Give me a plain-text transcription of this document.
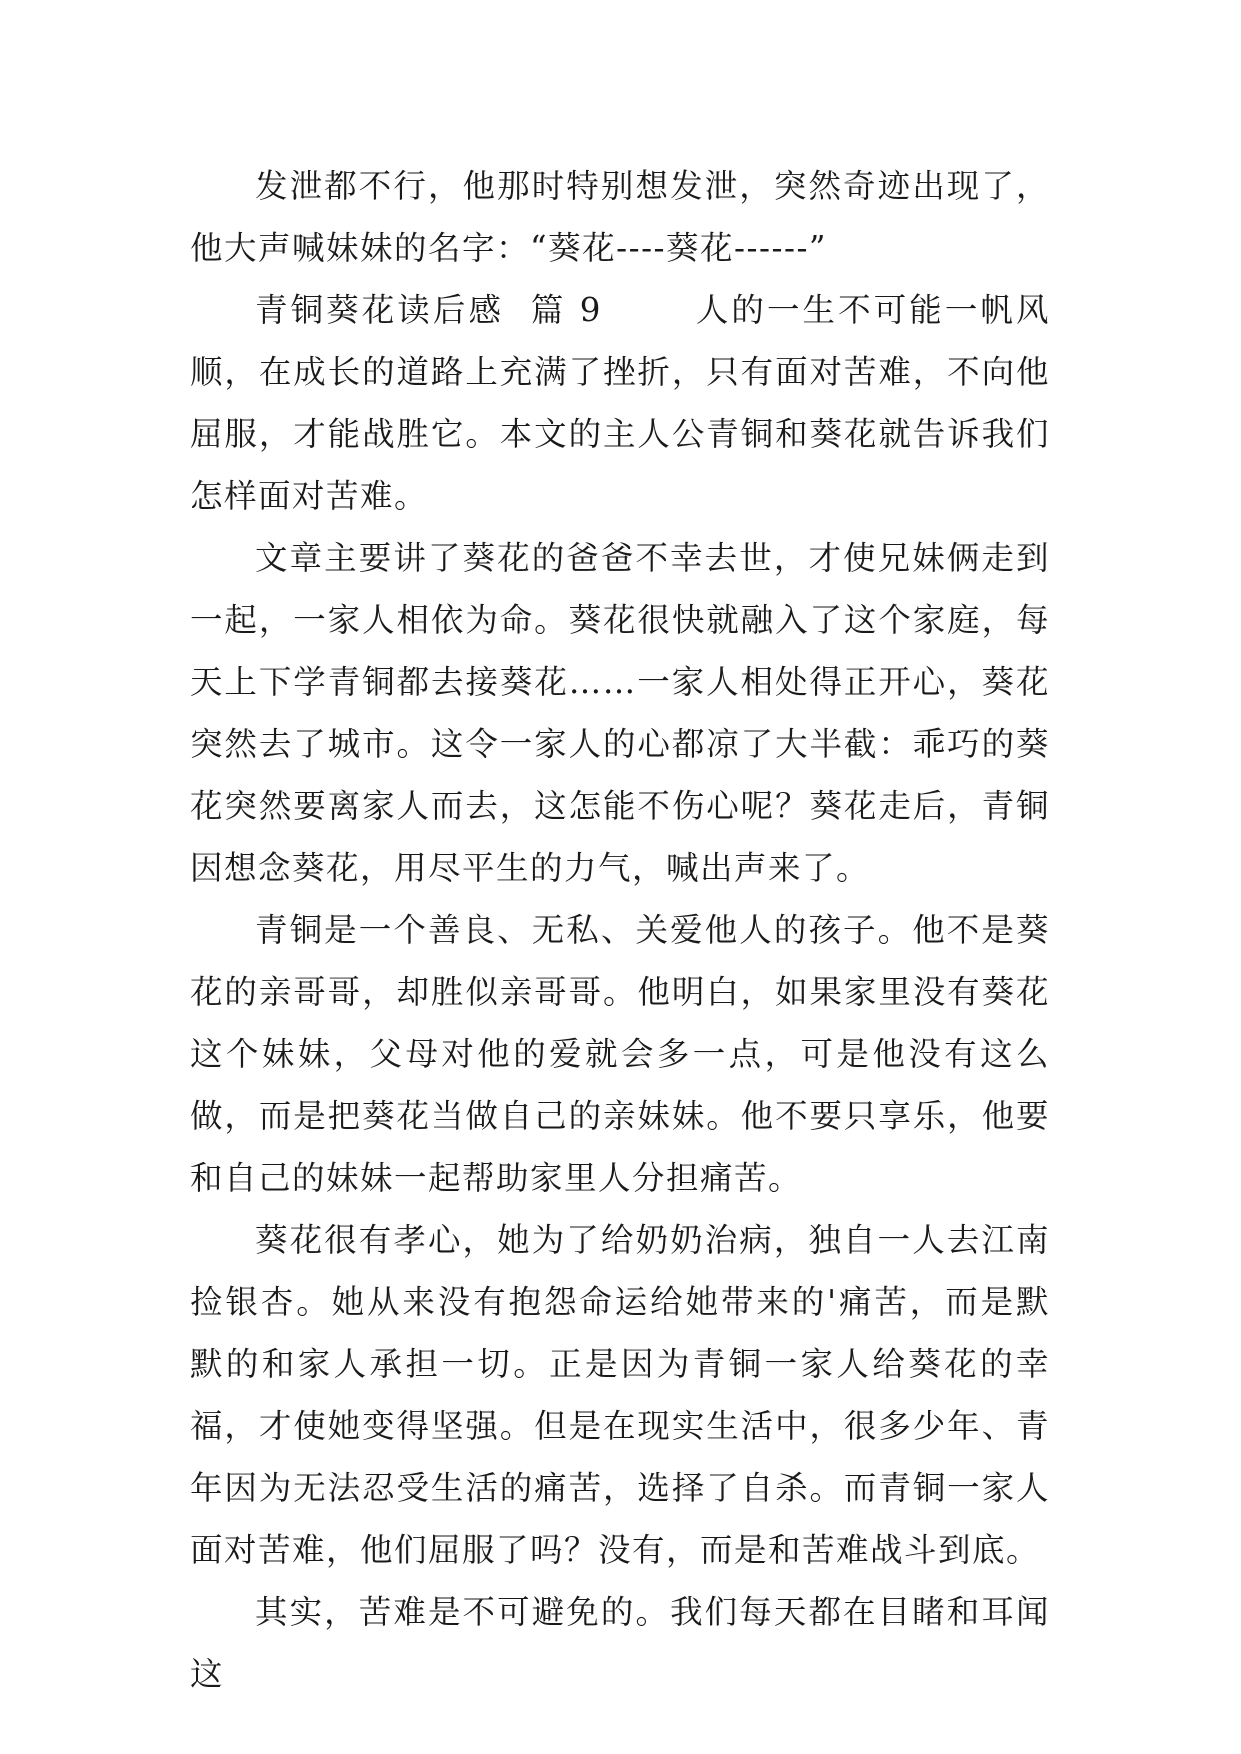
发泄都不行，他那时特别想发泄，突然奇迹出现了，他大声喊妹妹的名字：“葵花----葵花------”

青铜葵花读后感  篇 9       人的一生不可能一帆风顺，在成长的道路上充满了挫折，只有面对苦难，不向他屈服，才能战胜它。本文的主人公青铜和葵花就告诉我们怎样面对苦难。

文章主要讲了葵花的爸爸不幸去世，才使兄妹俩走到一起，一家人相依为命。葵花很快就融入了这个家庭，每天上下学青铜都去接葵花……一家人相处得正开心，葵花突然去了城市。这令一家人的心都凉了大半截：乖巧的葵花突然要离家人而去，这怎能不伤心呢？葵花走后，青铜因想念葵花，用尽平生的力气，喊出声来了。

青铜是一个善良、无私、关爱他人的孩子。他不是葵花的亲哥哥，却胜似亲哥哥。他明白，如果家里没有葵花这个妹妹，父母对他的爱就会多一点，可是他没有这么做，而是把葵花当做自己的亲妹妹。他不要只享乐，他要和自己的妹妹一起帮助家里人分担痛苦。

葵花很有孝心，她为了给奶奶治病，独自一人去江南捡银杏。她从来没有抱怨命运给她带来的'痛苦，而是默默的和家人承担一切。正是因为青铜一家人给葵花的幸福，才使她变得坚强。但是在现实生活中，很多少年、青年因为无法忍受生活的痛苦，选择了自杀。而青铜一家人面对苦难，他们屈服了吗？没有，而是和苦难战斗到底。

其实，苦难是不可避免的。我们每天都在目睹和耳闻这
